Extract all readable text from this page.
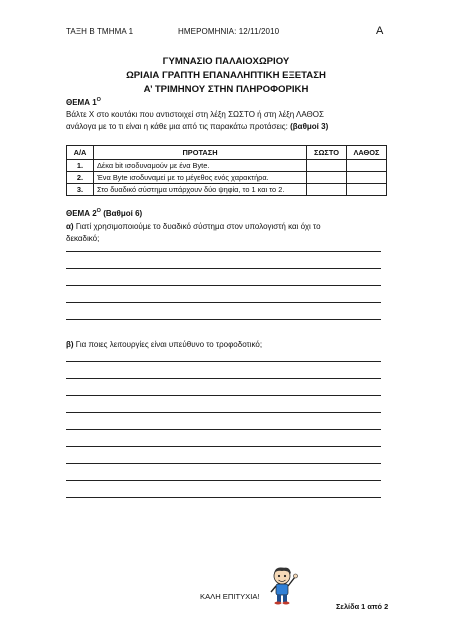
ΤΑΞΗ Β ΤΜΗΜΑ 1	ΗΜΕΡΟΜΗΝΙΑ: 12/11/2010	Α
ΓΥΜΝΑΣΙΟ ΠΑΛΑΙΟΧΩΡΙΟΥ
ΩΡΙΑΙΑ ΓΡΑΠΤΗ ΕΠΑΝΑΛΗΠΤΙΚΗ ΕΞΕΤΑΣΗ
Α’ ΤΡΙΜΗΝΟΥ ΣΤΗΝ ΠΛΗΡΟΦΟΡΙΚΗ
ΘΕΜΑ $1^O$
Βάλτε Χ στο κουτάκι που αντιστοιχεί στη λέξη ΣΩΣΤΟ ή στη λέξη ΛΑΘΟΣ
ανάλογα με το τι είναι η κάθε μια από τις παρακάτω προτάσεις: (βαθμοί 3)
Α/Α	ΠΡΟΤΑΣΗ	ΣΩΣΤΟ	ΛΑΘΟΣ
1.	Δέκα bit ισοδυναμούν με ένα Byte.		
2.	Ένα Byte ισοδυναμεί με το μέγεθος ενός χαρακτήρα.		
3.	Στο δυαδικό σύστημα υπάρχουν δύο ψηφία, το 1 και το 2.		
ΘΕΜΑ $2^O$ (Βαθμοί 6)
α) Γιατί χρησιμοποιούμε το δυαδικό σύστημα στον υπολογιστή και όχι το
δεκαδικό;
β) Για ποιες λειτουργίες είναι υπεύθυνο το τροφοδοτικό;
ΚΑΛΗ ΕΠΙΤΥΧΙΑ!
Σελίδα 1 από 2
